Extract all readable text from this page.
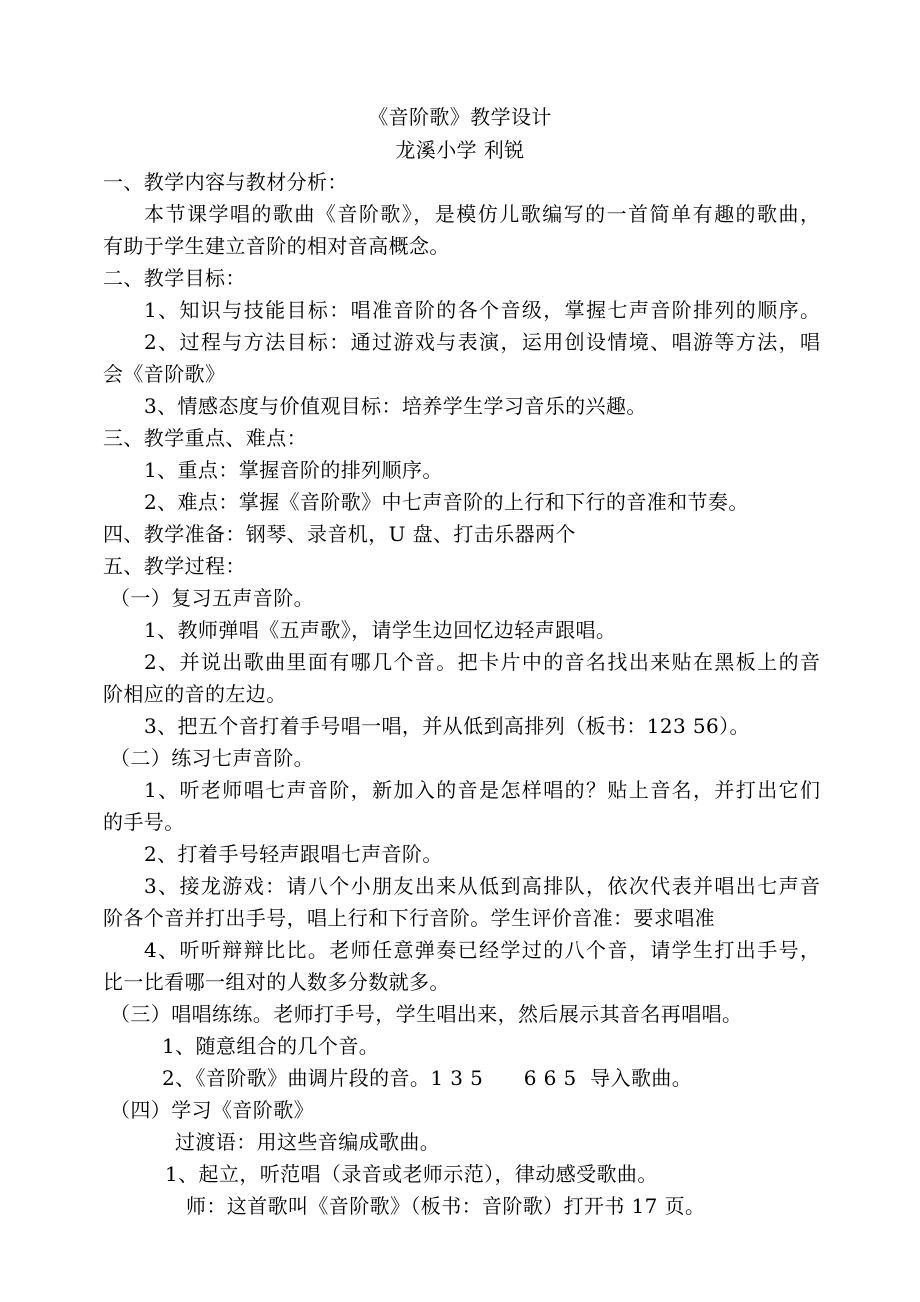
《音阶歌》教学设计
龙溪小学 利锐
一、教学内容与教材分析：
本节课学唱的歌曲《音阶歌》，是模仿儿歌编写的一首简单有趣的歌曲，
有助于学生建立音阶的相对音高概念。
二、教学目标：
1、知识与技能目标：唱准音阶的各个音级，掌握七声音阶排列的顺序。
2、过程与方法目标：通过游戏与表演，运用创设情境、唱游等方法，唱
会《音阶歌》
3、情感态度与价值观目标：培养学生学习音乐的兴趣。
三、教学重点、难点：
1、重点：掌握音阶的排列顺序。
2、难点：掌握《音阶歌》中七声音阶的上行和下行的音准和节奏。
四、教学准备：钢琴、录音机，U 盘、打击乐器两个
五、教学过程：
（一）复习五声音阶。
1、教师弹唱《五声歌》，请学生边回忆边轻声跟唱。
2、并说出歌曲里面有哪几个音。把卡片中的音名找出来贴在黑板上的音
阶相应的音的左边。
3、把五个音打着手号唱一唱，并从低到高排列（板书：123 56）。
（二）练习七声音阶。
1、听老师唱七声音阶，新加入的音是怎样唱的？贴上音名，并打出它们
的手号。
2、打着手号轻声跟唱七声音阶。
3、接龙游戏：请八个小朋友出来从低到高排队，依次代表并唱出七声音
阶各个音并打出手号，唱上行和下行音阶。学生评价音准：要求唱准
4、听听辩辩比比。老师任意弹奏已经学过的八个音，请学生打出手号，
比一比看哪一组对的人数多分数就多。
（三）唱唱练练。老师打手号，学生唱出来，然后展示其音名再唱唱。
1、随意组合的几个音。
2、《音阶歌》曲调片段的音。1 3 5      6 6 5  导入歌曲。
（四）学习《音阶歌》
过渡语：用这些音编成歌曲。
1、起立，听范唱（录音或老师示范），律动感受歌曲。
师：这首歌叫《音阶歌》（板书：音阶歌）打开书 17 页。
